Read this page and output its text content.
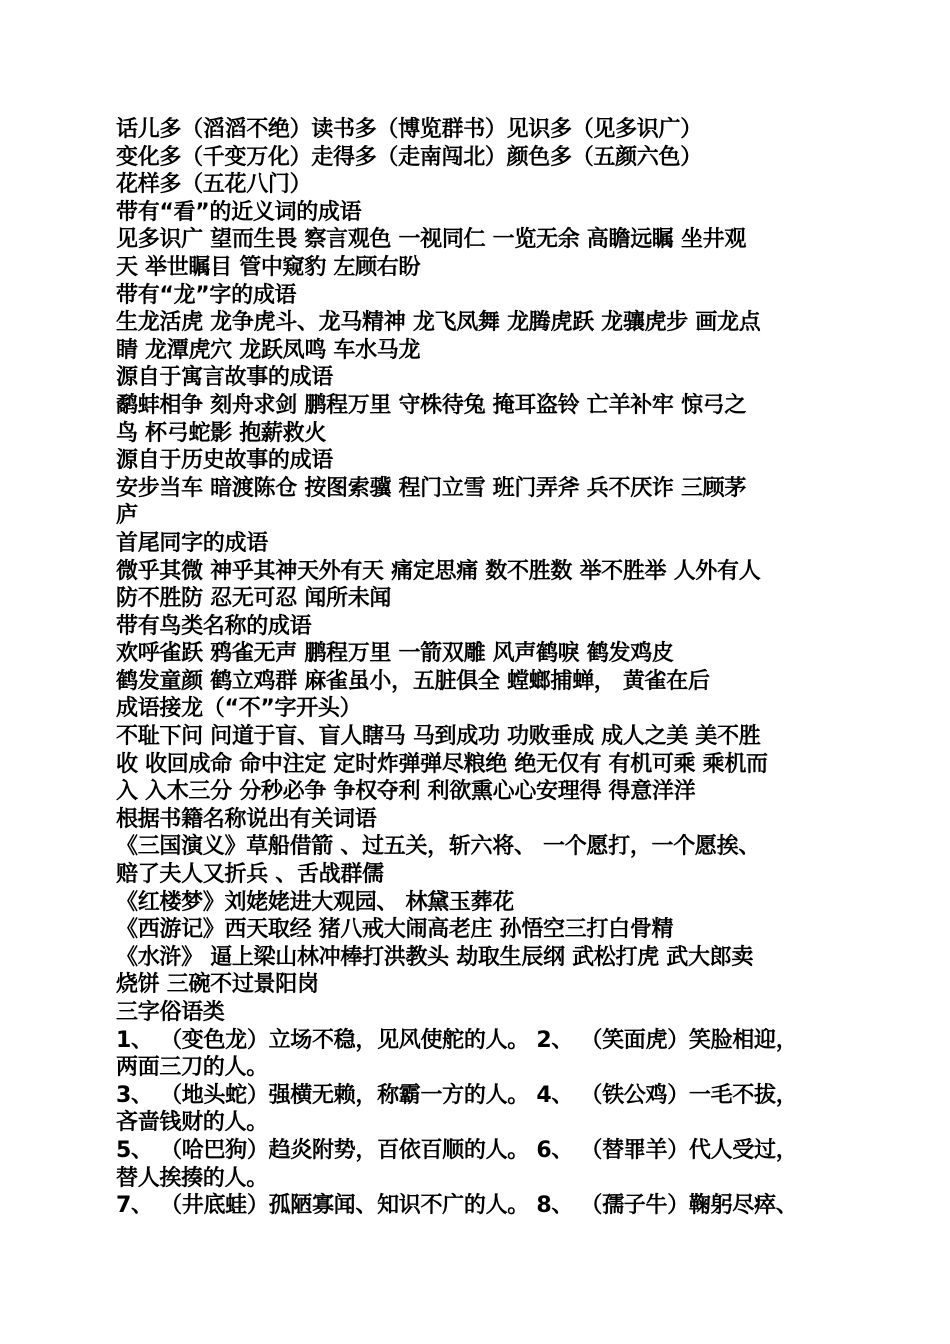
话儿多（滔滔不绝）读书多（博览群书）见识多（见多识广）
变化多（千变万化）走得多（走南闯北）颜色多（五颜六色）
花样多（五花八门）
带有“看”的近义词的成语
见多识广 望而生畏 察言观色 一视同仁 一览无余 高瞻远瞩 坐井观
天 举世瞩目 管中窥豹 左顾右盼
带有“龙”字的成语
生龙活虎 龙争虎斗、龙马精神 龙飞凤舞 龙腾虎跃 龙骧虎步 画龙点
睛 龙潭虎穴 龙跃凤鸣 车水马龙
源自于寓言故事的成语
鹬蚌相争 刻舟求剑 鹏程万里 守株待兔 掩耳盗铃 亡羊补牢 惊弓之
鸟 杯弓蛇影 抱薪救火
源自于历史故事的成语
安步当车 暗渡陈仓 按图索骥 程门立雪 班门弄斧 兵不厌诈 三顾茅
庐
首尾同字的成语
微乎其微 神乎其神天外有天 痛定思痛 数不胜数 举不胜举 人外有人
防不胜防 忍无可忍 闻所未闻
带有鸟类名称的成语
欢呼雀跃 鸦雀无声 鹏程万里 一箭双雕 风声鹤唳 鹤发鸡皮
鹤发童颜 鹤立鸡群 麻雀虽小，五脏俱全 螳螂捕蝉， 黄雀在后
成语接龙（“不”字开头）
不耻下问 问道于盲、盲人瞎马 马到成功 功败垂成 成人之美 美不胜
收 收回成命 命中注定 定时炸弹弹尽粮绝 绝无仅有 有机可乘 乘机而
入 入木三分 分秒必争 争权夺利 利欲熏心心安理得 得意洋洋
根据书籍名称说出有关词语
《三国演义》草船借箭 、过五关，斩六将、 一个愿打，一个愿挨、
赔了夫人又折兵 、舌战群儒
《红楼梦》刘姥姥进大观园、 林黛玉葬花
《西游记》西天取经 猪八戒大闹高老庄 孙悟空三打白骨精
《水浒》 逼上梁山林冲棒打洪教头 劫取生辰纲 武松打虎 武大郎卖
烧饼 三碗不过景阳岗
三字俗语类
1、 （变色龙）立场不稳，见风使舵的人。 2、 （笑面虎）笑脸相迎，
两面三刀的人。
3、 （地头蛇）强横无赖，称霸一方的人。 4、 （铁公鸡）一毛不拔，
吝啬钱财的人。
5、 （哈巴狗）趋炎附势，百依百顺的人。 6、 （替罪羊）代人受过，
替人挨揍的人。
7、 （井底蛙）孤陋寡闻、知识不广的人。 8、 （孺子牛）鞠躬尽瘁、
